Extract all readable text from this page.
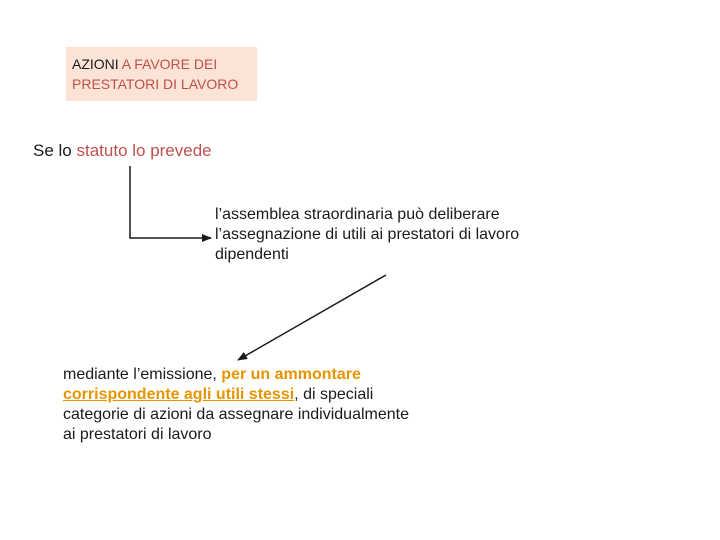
AZIONI A FAVORE DEI
PRESTATORI DI LAVORO
Se lo statuto lo prevede
l’assemblea straordinaria può deliberare l’assegnazione di utili ai prestatori di lavoro dipendenti
mediante l’emissione, per un ammontare corrispondente agli utili stessi, di speciali categorie di azioni da assegnare individualmente ai prestatori di lavoro
